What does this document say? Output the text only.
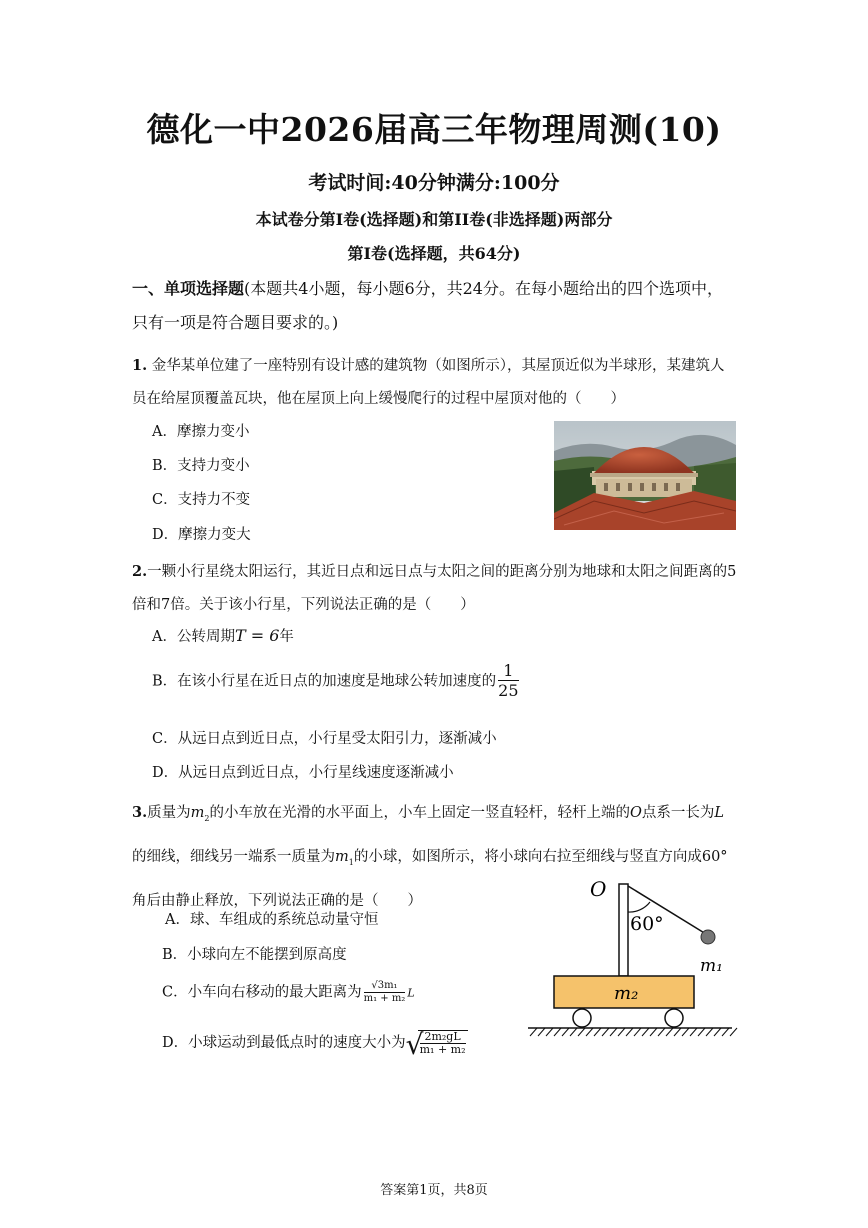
德化一中2026届高三年物理周测(10)
考试时间:40分钟满分:100分
本试卷分第I卷(选择题)和第II卷(非选择题)两部分
第I卷(选择题，共64分)
一、单项选择题(本题共4小题，每小题6分，共24分。在每小题给出的四个选项中，只有一项是符合题目要求的。)
1. 金华某单位建了一座特别有设计感的建筑物（如图所示），其屋顶近似为半球形，某建筑人员在给屋顶覆盖瓦块，他在屋顶上向上缓慢爬行的过程中屋顶对他的（　　）
A．摩擦力变小
B．支持力变小
C．支持力不变
D．摩擦力变大
2.一颗小行星绕太阳运行，其近日点和远日点与太阳之间的距离分别为地球和太阳之间距离的5倍和7倍。关于该小行星，下列说法正确的是（　　）
A．公转周期T = 6年
B．在该小行星在近日点的加速度是地球公转加速度的 $\frac{1}{25}$
C．从远日点到近日点，小行星受太阳引力，逐渐减小
D．从远日点到近日点，小行星线速度逐渐减小
3.质量为$m_2$的小车放在光滑的水平面上，小车上固定一竖直轻杆，轻杆上端的O点系一长为L的细线，细线另一端系一质量为$m_1$的小球，如图所示，将小球向右拉至细线与竖直方向成60°角后由静止释放，下列说法正确的是（　　）
A．球、车组成的系统总动量守恒
B．小球向左不能摆到原高度
C．小车向右移动的最大距离为 $\frac{\text{√3m₁}}{\text{m₁ + m₂}}$ L
D．小球运动到最低点时的速度大小为 √
$\frac{\text{2m₂gL}}{\text{m₁ + m₂}}$
O
60°
m₁
m₂
答案第1页，共8页
